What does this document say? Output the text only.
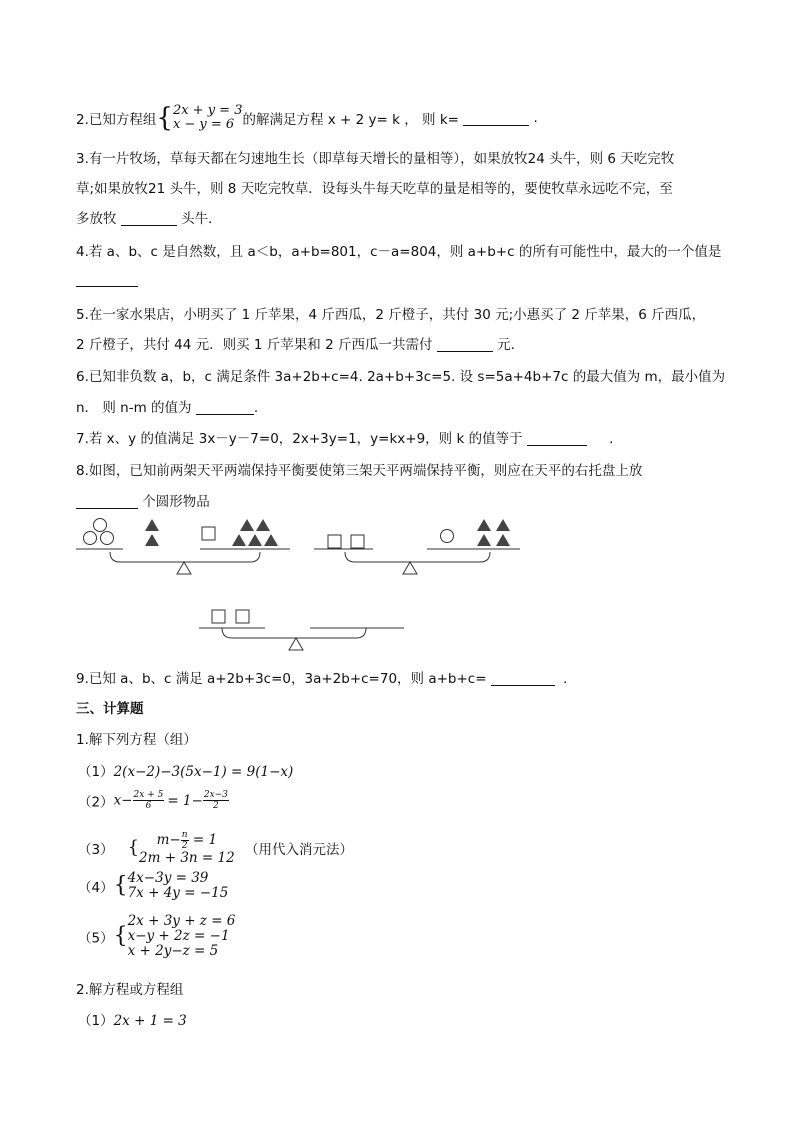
2.已知方程组{ 2x + y = 3
x − y = 6 的解满足方程 x + 2 y= k ， 则 k=	.
3.有一片牧场，草每天都在匀速地生长（即草每天增长的量相等），如果放牧24 头牛，则 6 天吃完牧
草;如果放牧21 头牛，则 8 天吃完牧草．设每头牛每天吃草的量是相等的，要使牧草永远吃不完，至
多放牧	头牛．
4.若 a、b、c 是自然数，且 a＜b，a+b=801，c－a=804，则 a+b+c 的所有可能性中，最大的一个值是
5.在一家水果店，小明买了 1 斤苹果，4 斤西瓜，2 斤橙子，共付 30 元;小惠买了 2 斤苹果，6 斤西瓜，
2 斤橙子，共付 44 元．则买 1 斤苹果和 2 斤西瓜一共需付	元．
6.已知非负数 a，b，c 满足条件 3a+2b+c=4. 2a+b+3c=5. 设 s=5a+4b+7c 的最大值为 m，最小值为
n． 则 n-m 的值为	.
7.若 x、y 的值满足 3x－y－7=0，2x+3y=1，y=kx+9，则 k 的值等于	.
8.如图，已知前两架天平两端保持平衡要使第三架天平两端保持平衡，则应在天平的右托盘上放
个圆形物品
9.已知 a、b、c 满足 a+2b+3c=0，3a+2b+c=70，则 a+b+c=	.
三、计算题
1.解下列方程（组）
（1）2(x−2)−3(5x−1) = 9(1−x)
$(2)x- \frac{2x + 5}{6} = 1- \frac{2x-3}{2}$
（3） {	$m- \frac{n}{2} = 1$
2m + 3n = 12 （用代入消元法）
（4）{ 4x−3y = 39
7x + 4y = −15
（5）{
2x + 3y + z = 6
x−y + 2z = −1
x + 2y−z = 5
2.解方程或方程组
（1）2x + 1 = 3
